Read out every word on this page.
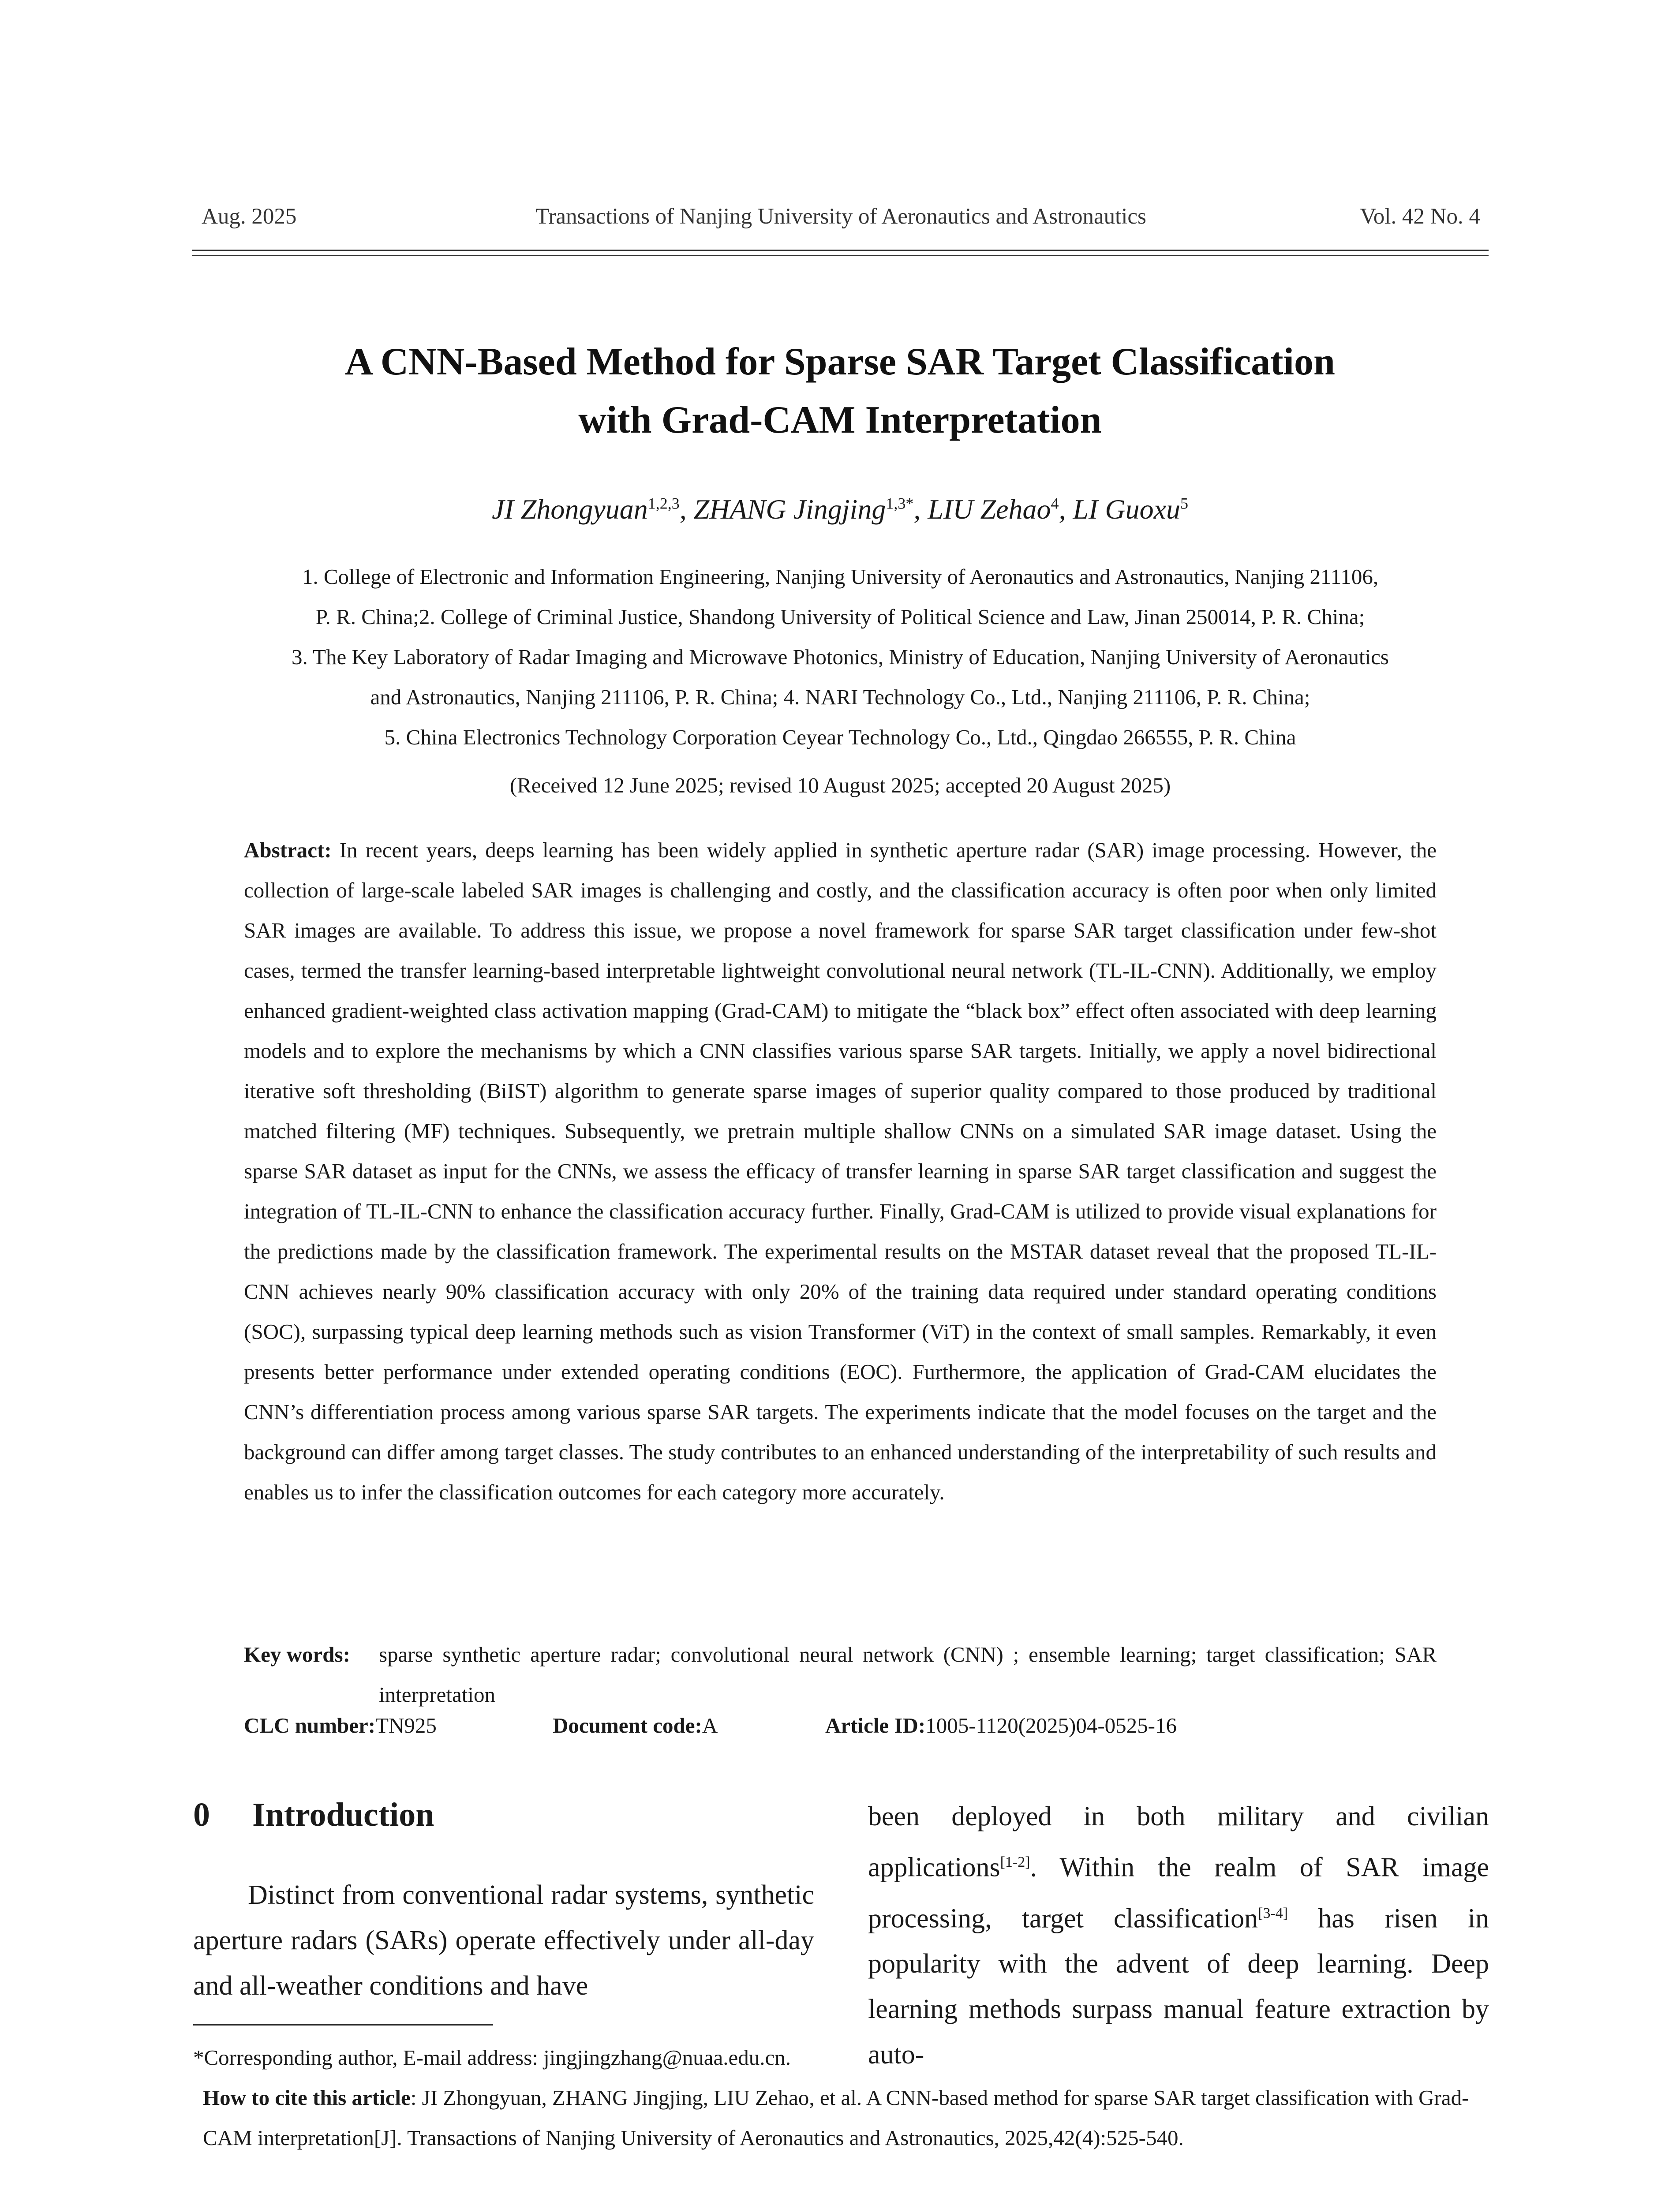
Aug. 2025	Transactions of Nanjing University of Aeronautics and Astronautics	Vol. 42 No. 4
A CNN-Based Method for Sparse SAR Target Classification
with Grad-CAM Interpretation
JI Zhongyuan$^{1,2,3}$, ZHANG Jingjing$^{1,3*}$, LIU Zehao$^4$, LI Guoxu$^5$
1. College of Electronic and Information Engineering, Nanjing University of Aeronautics and Astronautics, Nanjing 211106,
P. R. China;2. College of Criminal Justice, Shandong University of Political Science and Law, Jinan 250014, P. R. China;
3. The Key Laboratory of Radar Imaging and Microwave Photonics, Ministry of Education, Nanjing University of Aeronautics
and Astronautics, Nanjing 211106, P. R. China; 4. NARI Technology Co., Ltd., Nanjing 211106, P. R. China;
5. China Electronics Technology Corporation Ceyear Technology Co., Ltd., Qingdao 266555, P. R. China
(Received 12 June 2025; revised 10 August 2025; accepted 20 August 2025)
Abstract: In recent years, deeps learning has been widely applied in synthetic aperture radar (SAR) image processing. However, the collection of large-scale labeled SAR images is challenging and costly, and the classification accuracy is often poor when only limited SAR images are available. To address this issue, we propose a novel framework for sparse SAR target classification under few-shot cases, termed the transfer learning-based interpretable lightweight convolutional neural network (TL-IL-CNN). Additionally, we employ enhanced gradient-weighted class activation mapping (Grad-CAM) to mitigate the “black box” effect often associated with deep learning models and to explore the mechanisms by which a CNN classifies various sparse SAR targets. Initially, we apply a novel bidirectional iterative soft thresholding (BiIST) algorithm to generate sparse images of superior quality compared to those produced by traditional matched filtering (MF) techniques. Subsequently, we pretrain multiple shallow CNNs on a simulated SAR image dataset. Using the sparse SAR dataset as input for the CNNs, we assess the efficacy of transfer learning in sparse SAR target classification and suggest the integration of TL-IL-CNN to enhance the classification accuracy further. Finally, Grad-CAM is utilized to provide visual explanations for the predictions made by the classification framework. The experimental results on the MSTAR dataset reveal that the proposed TL-IL-CNN achieves nearly 90% classification accuracy with only 20% of the training data required under standard operating conditions (SOC), surpassing typical deep learning methods such as vision Transformer (ViT) in the context of small samples. Remarkably, it even presents better performance under extended operating conditions (EOC). Furthermore, the application of Grad-CAM elucidates the CNN’s differentiation process among various sparse SAR targets. The experiments indicate that the model focuses on the target and the background can differ among target classes. The study contributes to an enhanced understanding of the interpretability of such results and enables us to infer the classification outcomes for each category more accurately.
Key words: sparse synthetic aperture radar; convolutional neural network (CNN) ; ensemble learning; target classification; SAR interpretation
CLC number:TN925	Document code:A	Article ID:1005-1120(2025)04-0525-16
0 Introduction

Distinct from conventional radar systems, synthetic aperture radars (SARs) operate effectively under all-day and all-weather conditions and have

been deployed in both military and civilian applications[1-2]. Within the realm of SAR image processing, target classification[3-4] has risen in popularity with the advent of deep learning. Deep learning methods surpass manual feature extraction by auto-

*Corresponding author, E-mail address: jingjingzhang@nuaa.edu.cn.
How to cite this article: JI Zhongyuan, ZHANG Jingjing, LIU Zehao, et al. A CNN-based method for sparse SAR target classification with Grad-CAM interpretation[J]. Transactions of Nanjing University of Aeronautics and Astronautics, 2025,42(4):525-540.
